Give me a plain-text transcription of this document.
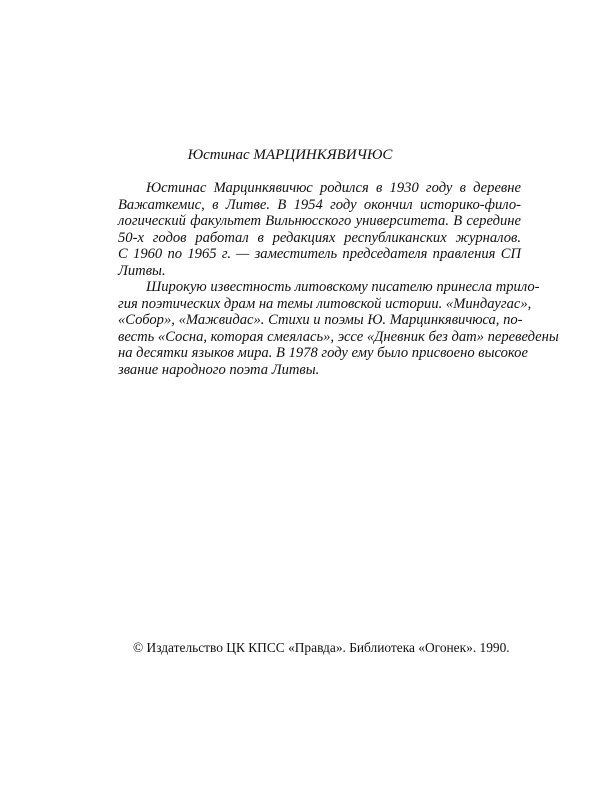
Юстинас МАРЦИНКЯВИЧЮС
Юстинас Марцинкявичюс родился в 1930 году в деревне
Важаткемис, в Литве. В 1954 году окончил историко-фило-
логический факультет Вильнюсского университета. В середине
50-х годов работал в редакциях республиканских журналов.
С 1960 по 1965 г. — заместитель председателя правления СП
Литвы.
Широкую известность литовскому писателю принесла трило-
гия поэтических драм на темы литовской истории. «Миндаугас»,
«Собор», «Мажвидас». Стихи и поэмы Ю. Марцинкявичюса, по-
весть «Сосна, которая смеялась», эссе «Дневник без дат» переведены
на десятки языков мира. В 1978 году ему было присвоено высокое
звание народного поэта Литвы.
© Издательство ЦК КПСС «Правда». Библиотека «Огонек». 1990.
